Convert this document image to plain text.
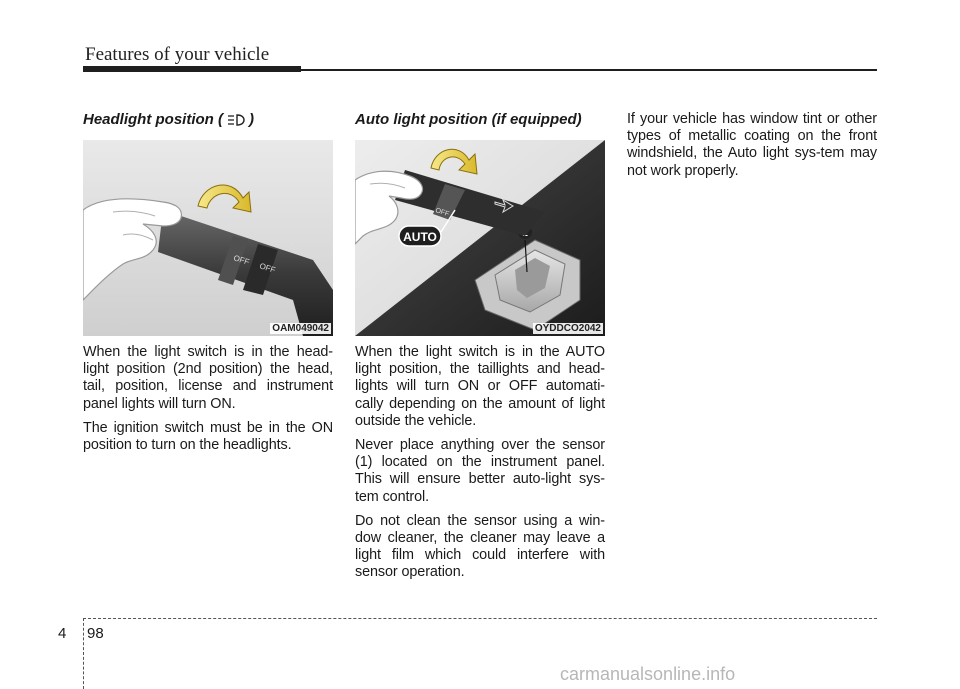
Features of your vehicle
Headlight position ( )
OFF
OFF
OAM049042

When the light switch is in the head-light position (2nd position) the head, tail, position, license and instrument panel lights will turn ON.

The ignition switch must be in the ON position to turn on the headlights.

Auto light position (if equipped)
OFF
AUTO
OYDDCO2042

When the light switch is in the AUTO light position, the taillights and head-lights will turn ON or OFF automati-cally depending on the amount of light outside the vehicle.

Never place anything over the sensor (1) located on the instrument panel. This will ensure better auto-light sys-tem control.

Do not clean the sensor using a win-dow cleaner, the cleaner may leave a light film which could interfere with sensor operation.

If your vehicle has window tint or other types of metallic coating on the front windshield, the Auto light sys-tem may not work properly.

4 98
carmanualsonline.info
